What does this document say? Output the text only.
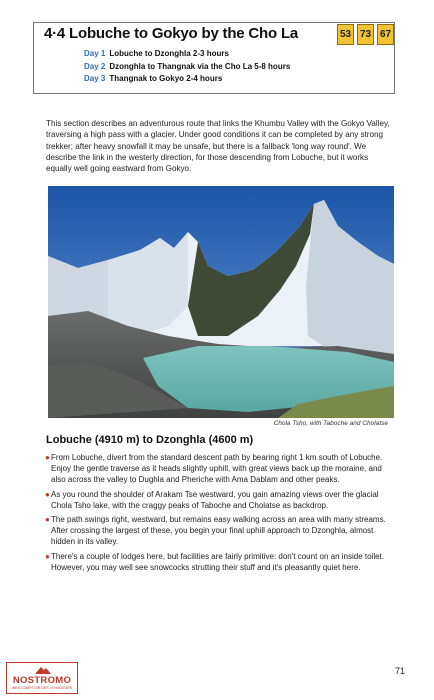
4·4 Lobuche to Gokyo by the Cho La	53 73 67
Day 1 Lobuche to Dzonghla 2-3 hours
Day 2 Dzonghla to Thangnak via the Cho La 5-8 hours
Day 3 Thangnak to Gokyo 2-4 hours

This section describes an adventurous route that links the Khumbu Valley with the Gokyo Valley, traversing a high pass with a glacier. Under good conditions it can be completed by any strong trekker; after heavy snowfall it may be unsafe, but there is a fallback 'long way round'. We describe the link in the westerly direction, for those descending from Lobuche, but it works equally well going eastward from Gokyo.

Chola Tsho, with Taboche and Cholatse
Lobuche (4910 m) to Dzonghla (4600 m)
● From Lobuche, divert from the standard descent path by bearing right 1 km south of Lobuche. Enjoy the gentle traverse as it heads slightly uphill, with great views back up the moraine, and also across the valley to Dughla and Pheriche with Ama Dablam and other peaks.
● As you round the shoulder of Arakam Tse westward, you gain amazing views over the glacial Chola Tsho lake, with the craggy peaks of Taboche and Cholatse as backdrop.
● The path swings right, westward, but remains easy walking across an area with many streams. After crossing the largest of these, you begin your final uphill approach to Dzonghla, almost hidden in its valley.
● There's a couple of lodges here, but facilities are fairly primitive: don't count on an inside toilet. However, you may well see snowcocks strutting their stuff and it's pleasantly quiet here.
NOSTROMO
WEB COMPTOIR DES VOYAGEURS
71
